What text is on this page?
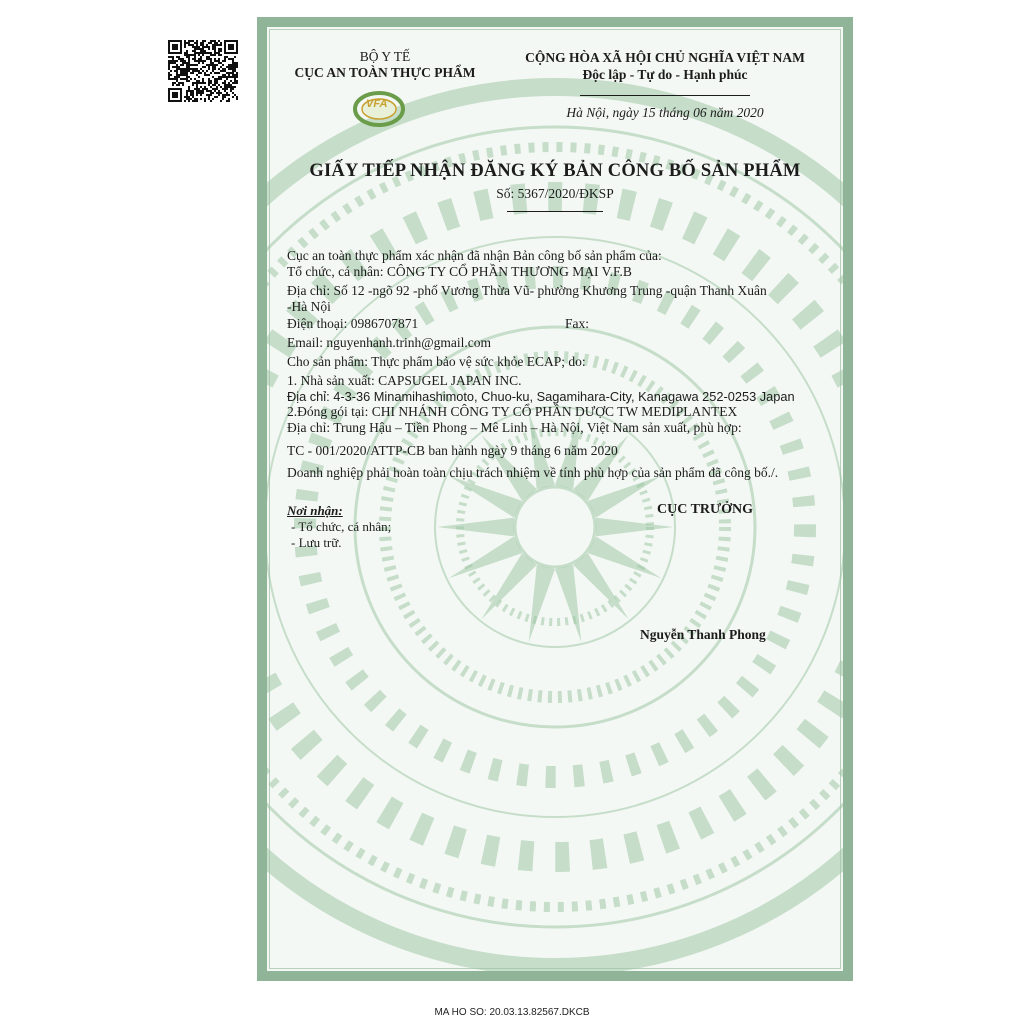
BỘ Y TẾ
CỤC AN TOÀN THỰC PHẨM
VFA
CỘNG HÒA XÃ HỘI CHỦ NGHĨA VIỆT NAM
Độc lập - Tự do - Hạnh phúc
Hà Nội, ngày 15 tháng 06 năm 2020
GIẤY TIẾP NHẬN ĐĂNG KÝ BẢN CÔNG BỐ SẢN PHẨM
Số: 5367/2020/ĐKSP
Cục an toàn thực phẩm xác nhận đã nhận Bản công bố sản phẩm của:
Tổ chức, cá nhân: CÔNG TY CỔ PHẦN THƯƠNG MẠI V.F.B
Địa chỉ: Số 12 -ngõ 92 -phố Vương Thừa Vũ- phường Khương Trung -quận Thanh Xuân
-Hà Nội
Điện thoại: 0986707871	Fax:
Email: nguyenhanh.trinh@gmail.com
Cho sản phẩm: Thực phẩm bảo vệ sức khỏe ECAP; do:
1. Nhà sản xuất: CAPSUGEL JAPAN INC.
Địa chỉ: 4-3-36 Minamihashimoto, Chuo-ku, Sagamihara-City, Kanagawa 252-0253 Japan
2.Đóng gói tại: CHI NHÁNH CÔNG TY CỔ PHẦN DƯỢC TW MEDIPLANTEX
Địa chỉ: Trung Hậu – Tiền Phong – Mê Linh – Hà Nội, Việt Nam sản xuất, phù hợp:
TC - 001/2020/ATTP-CB ban hành ngày 9 tháng 6 năm 2020
Doanh nghiệp phải hoàn toàn chịu trách nhiệm về tính phù hợp của sản phẩm đã công bố./.
Nơi nhận:
- Tổ chức, cá nhân;
- Lưu trữ.
CỤC TRƯỞNG
Nguyễn Thanh Phong
MA HO SO: 20.03.13.82567.DKCB
